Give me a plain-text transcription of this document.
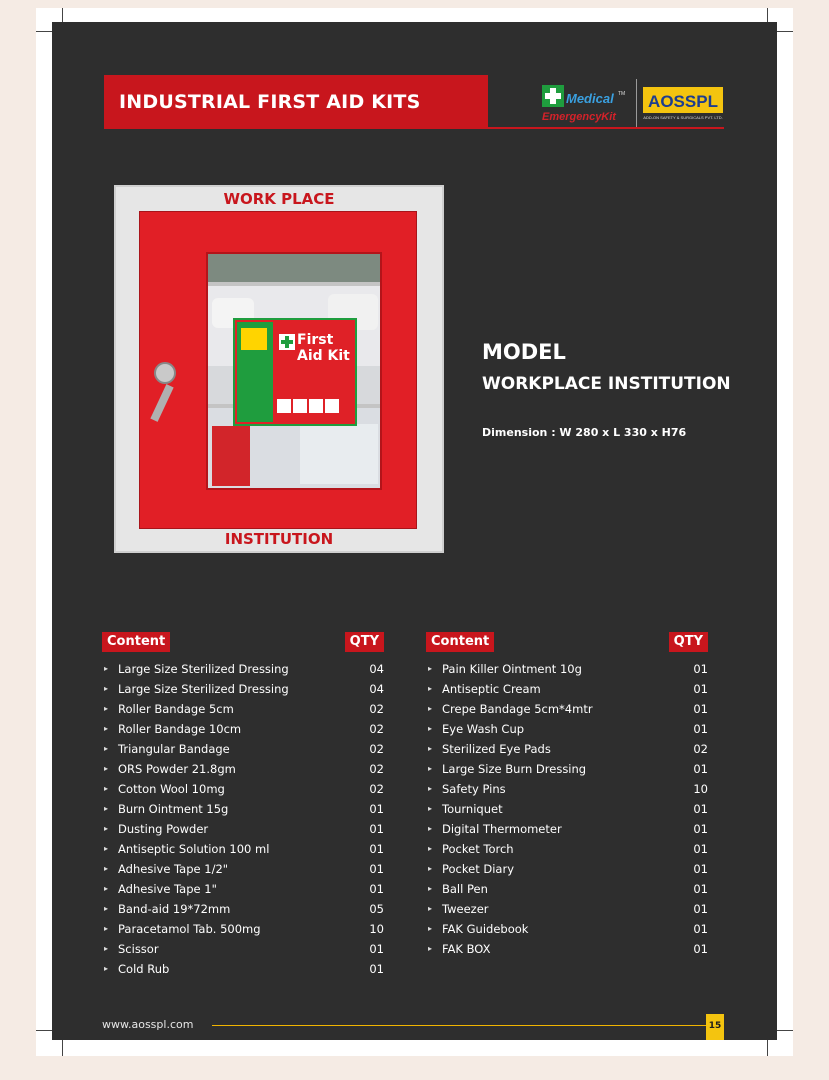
INDUSTRIAL FIRST AID KITS	Medical
EmergencyKit
TM AOSSPL
ADD-ON SAFETY & SURGICALS PVT. LTD.
WORK PLACE
First
Aid Kit
INSTITUTION
MODEL
WORKPLACE INSTITUTION
Dimension : W 280 x L 330 x H76
Content	QTY
▸ Large Size Sterilized Dressing	04
▸ Large Size Sterilized Dressing	04
▸ Roller Bandage 5cm	02
▸ Roller Bandage 10cm	02
▸ Triangular Bandage	02
▸ ORS Powder 21.8gm	02
▸ Cotton Wool 10mg	02
▸ Burn Ointment 15g	01
▸ Dusting Powder	01
▸ Antiseptic Solution 100 ml	01
▸ Adhesive Tape 1/2"	01
▸ Adhesive Tape 1"	01
▸ Band-aid 19*72mm	05
▸ Paracetamol Tab. 500mg	10
▸ Scissor	01
▸ Cold Rub	01
Content	QTY
▸ Pain Killer Ointment 10g	01
▸ Antiseptic Cream	01
▸ Crepe Bandage 5cm*4mtr	01
▸ Eye Wash Cup	01
▸ Sterilized Eye Pads	02
▸ Large Size Burn Dressing	01
▸ Safety Pins	10
▸ Tourniquet	01
▸ Digital Thermometer	01
▸ Pocket Torch	01
▸ Pocket Diary	01
▸ Ball Pen	01
▸ Tweezer	01
▸ FAK Guidebook	01
▸ FAK BOX	01
www.aosspl.com	15
